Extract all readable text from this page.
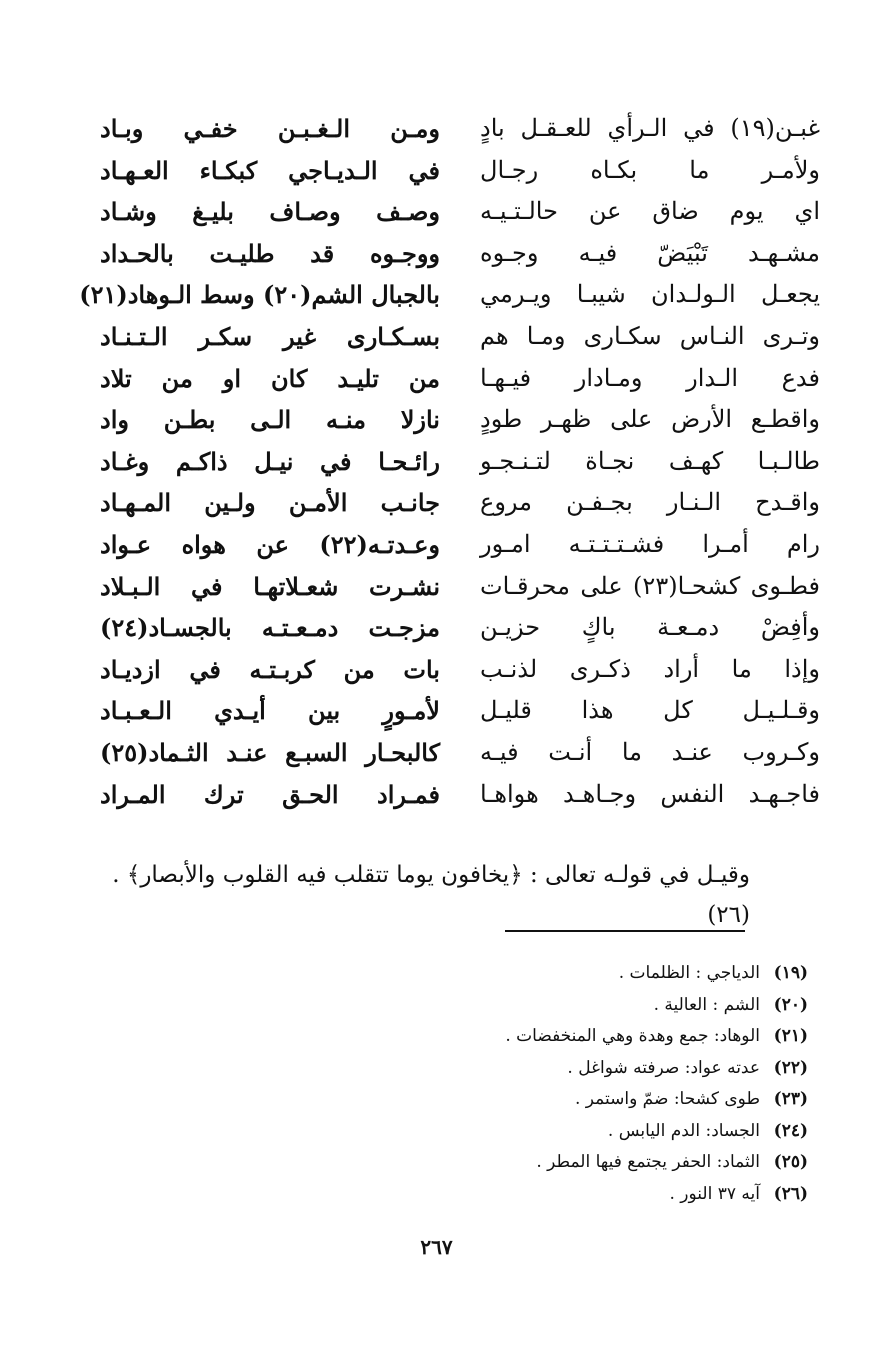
غبـن(١٩) في الـرأي للعـقـل بادٍ
ولأمـر ما بكـاه رجـال
اي يوم ضاق عن حالـتـيـه
مشـهـد تَبْيَضّ فيـه وجـوه
يجعـل الـولـدان شيبـا ويـرمي
وتـرى النـاس سكـارى ومـا هم
فدع الـدار ومـادار فيـهـا
واقطـع الأرض على ظهـر طودٍ
طالـبـا كهـف نجـاة لتـنـجـو
واقـدح الـنـار بجـفـن مروع
رام أمـرا فشـتـتـتـه امـور
فطـوى كشحـا(٢٣) على محرقـات
وأفِضْ دمـعـة باكٍ حزيـن
وإذا ما أراد ذكـرى لذنـب
وقـلـيـل كل هذا قليـل
وكـروب عنـد ما أنـت فيـه
فاجـهـد النفس وجـاهـد هواهـا
ومـن الـغـبـن خفـي وبـاد
في الـديـاجي كبكـاء العـهـاد
وصـف وصـاف بليـغ وشـاد
ووجـوه قد طليـت بالحـداد
بالجبال الشم(٢٠) وسط الـوهاد(٢١)
بسـكـارى غير سكـر الـتـنـاد
من تليـد كان او من تلاد
نازلا منـه الـى بطـن واد
رائـحـا في نيـل ذاكـم وغـاد
جانـب الأمـن ولـين المـهـاد
وعـدتـه(٢٢) عن هواه عـواد
نشـرت شعـلاتهـا في الـبـلاد
مزجـت دمـعـتـه بالجسـاد(٢٤)
بات من كربـتـه في ازديـاد
لأمـورٍ بين أيـدي الـعـبـاد
كالبحـار السبـع عنـد الثـماد(٢٥)
فمـراد الحـق ترك المـراد
وقيـل في قولـه تعالى : ﴿يخافون يوما تتقلب فيه القلوب والأبصار﴾ . (٢٦)
(١٩)
الدياجي : الظلمات .
(٢٠)
الشم : العالية .
(٢١)
الوهاد: جمع وهدة وهي المنخفضات .
(٢٢)
عدته عواد: صرفته شواغل .
(٢٣)
طوى كشحا: ضمّ واستمر .
(٢٤)
الجساد: الدم اليابس .
(٢٥)
الثماد: الحفر يجتمع فيها المطر .
(٢٦)
آيه ٣٧ النور .
٢٦٧
